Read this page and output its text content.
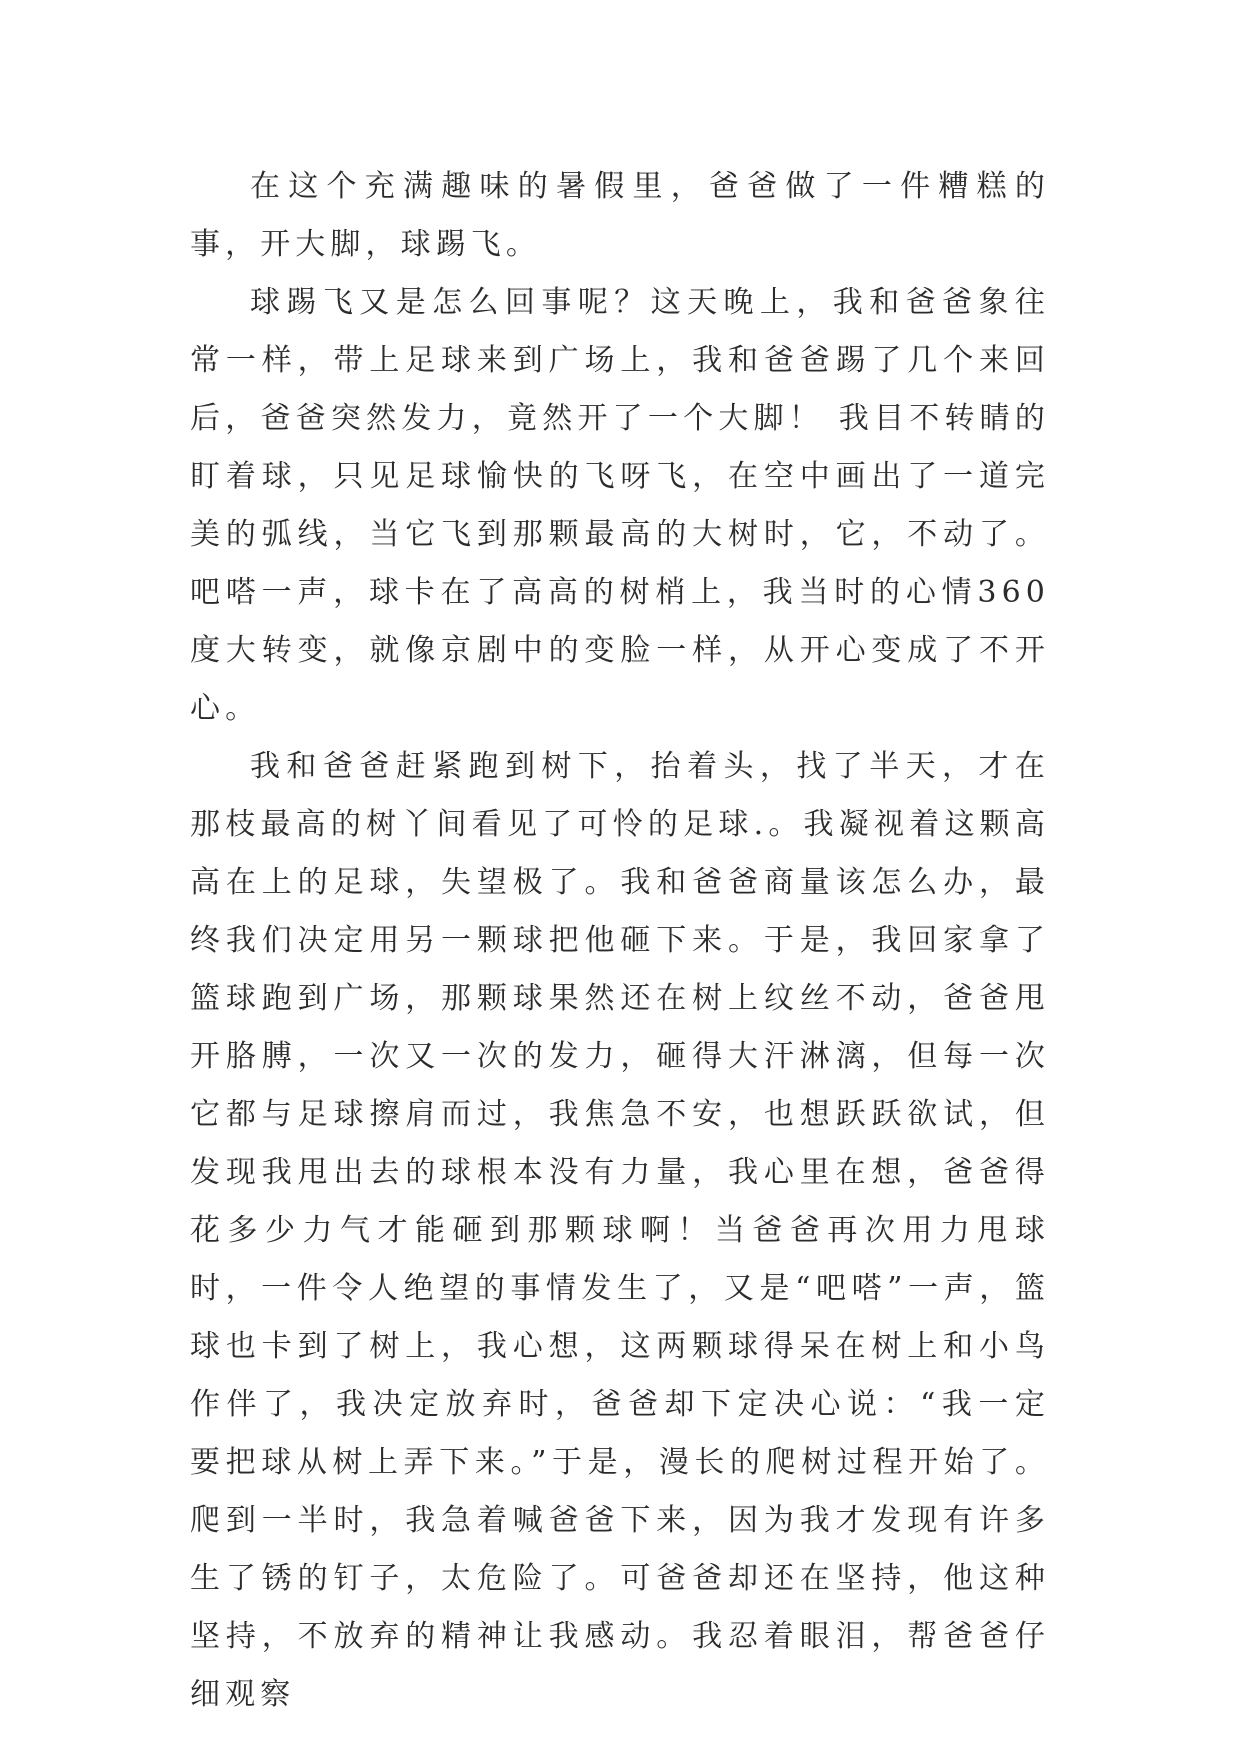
在这个充满趣味的暑假里，爸爸做了一件糟糕的事，开大脚，球踢飞。

球踢飞又是怎么回事呢？这天晚上，我和爸爸象往常一样，带上足球来到广场上，我和爸爸踢了几个来回后，爸爸突然发力，竟然开了一个大脚！ 我目不转睛的盯着球，只见足球愉快的飞呀飞，在空中画出了一道完美的弧线，当它飞到那颗最高的大树时，它，不动了。吧嗒一声，球卡在了高高的树梢上，我当时的心情360度大转变，就像京剧中的变脸一样，从开心变成了不开心。

我和爸爸赶紧跑到树下，抬着头，找了半天，才在那枝最高的树丫间看见了可怜的足球.。我凝视着这颗高高在上的足球，失望极了。我和爸爸商量该怎么办，最终我们决定用另一颗球把他砸下来。于是，我回家拿了篮球跑到广场，那颗球果然还在树上纹丝不动，爸爸甩开胳膊，一次又一次的发力，砸得大汗淋漓，但每一次它都与足球擦肩而过，我焦急不安，也想跃跃欲试，但发现我甩出去的球根本没有力量，我心里在想，爸爸得花多少力气才能砸到那颗球啊！当爸爸再次用力甩球时，一件令人绝望的事情发生了，又是“吧嗒”一声，篮球也卡到了树上，我心想，这两颗球得呆在树上和小鸟作伴了，我决定放弃时，爸爸却下定决心说：“我一定要把球从树上弄下来。”于是，漫长的爬树过程开始了。爬到一半时，我急着喊爸爸下来，因为我才发现有许多生了锈的钉子，太危险了。可爸爸却还在坚持，他这种坚持，不放弃的精神让我感动。我忍着眼泪，帮爸爸仔细观察
